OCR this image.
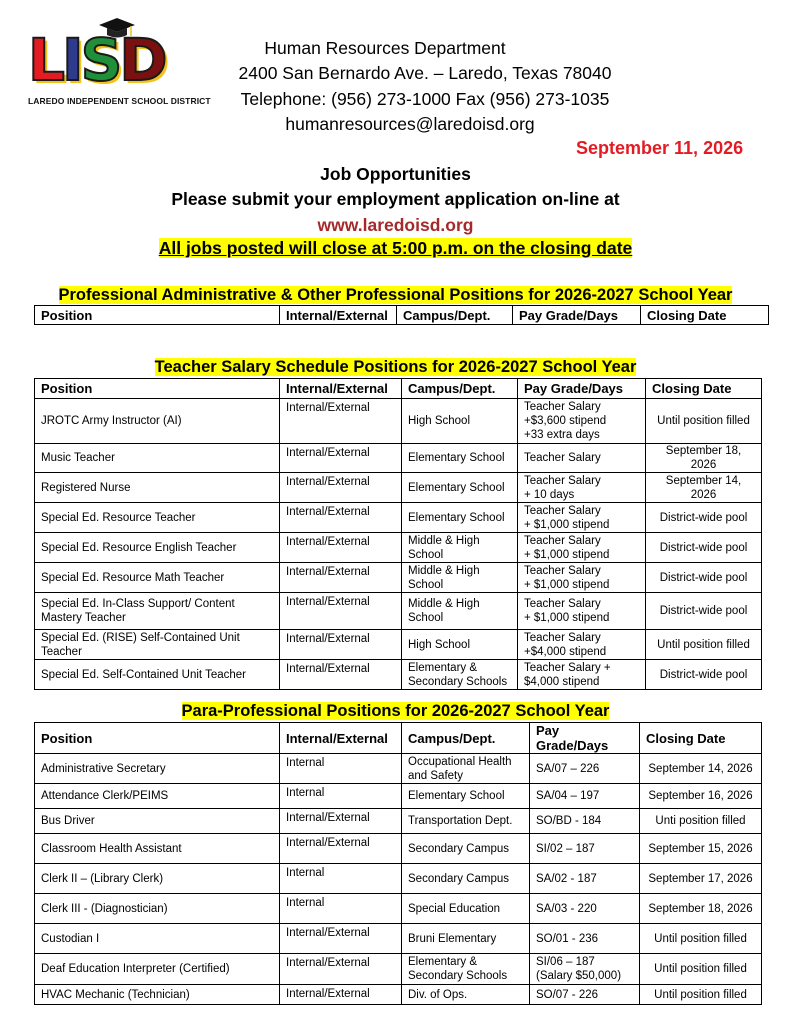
LISD
LAREDO INDEPENDENT SCHOOL DISTRICT
Human Resources Department
2400 San Bernardo Ave. – Laredo, Texas 78040
Telephone: (956) 273-1000 Fax (956) 273-1035
humanresources@laredoisd.org
September 11, 2026
Job Opportunities
Please submit your employment application on-line at
www.laredoisd.org
All jobs posted will close at 5:00 p.m. on the closing date
Professional Administrative & Other Professional Positions for 2026-2027 School Year
Position	Internal/External	Campus/Dept.	Pay Grade/Days	Closing Date
Teacher Salary Schedule Positions for 2026-2027 School Year
Position	Internal/External	Campus/Dept.	Pay Grade/Days	Closing Date
JROTC Army Instructor (AI)	Internal/External	High School	Teacher Salary
+$3,600 stipend
+33 extra days	Until position filled
Music Teacher	Internal/External	Elementary School	Teacher Salary	September 18, 2026
Registered Nurse	Internal/External	Elementary School	Teacher Salary
+ 10 days	September 14, 2026
Special Ed. Resource Teacher	Internal/External	Elementary School	Teacher Salary
+ $1,000 stipend	District-wide pool
Special Ed. Resource English Teacher	Internal/External	Middle & High School	Teacher Salary
+ $1,000 stipend	District-wide pool
Special Ed. Resource Math Teacher	Internal/External	Middle & High School	Teacher Salary
+ $1,000 stipend	District-wide pool
Special Ed. In-Class Support/ Content Mastery Teacher	Internal/External	Middle & High School	Teacher Salary
+ $1,000 stipend	District-wide pool
Special Ed. (RISE) Self-Contained Unit Teacher	Internal/External	High School	Teacher Salary
+$4,000 stipend	Until position filled
Special Ed. Self-Contained Unit Teacher	Internal/External	Elementary &
Secondary Schools	Teacher Salary +
$4,000 stipend	District-wide pool
Para-Professional Positions for 2026-2027 School Year
Position	Internal/External	Campus/Dept.	Pay Grade/Days	Closing Date
Administrative Secretary	Internal	Occupational Health
and Safety	SA/07 – 226	September 14, 2026
Attendance Clerk/PEIMS	Internal	Elementary School	SA/04 – 197	September 16, 2026
Bus Driver	Internal/External	Transportation Dept.	SO/BD - 184	Unti position filled
Classroom Health Assistant	Internal/External	Secondary Campus	SI/02 – 187	September 15, 2026
Clerk II – (Library Clerk)	Internal	Secondary Campus	SA/02 - 187	September 17, 2026
Clerk III - (Diagnostician)	Internal	Special Education	SA/03 - 220	September 18, 2026
Custodian I	Internal/External	Bruni Elementary	SO/01 - 236	Until position filled
Deaf Education Interpreter (Certified)	Internal/External	Elementary &
Secondary Schools	SI/06 – 187
(Salary $50,000)	Until position filled
HVAC Mechanic (Technician)	Internal/External	Div. of Ops.	SO/07 - 226	Until position filled
